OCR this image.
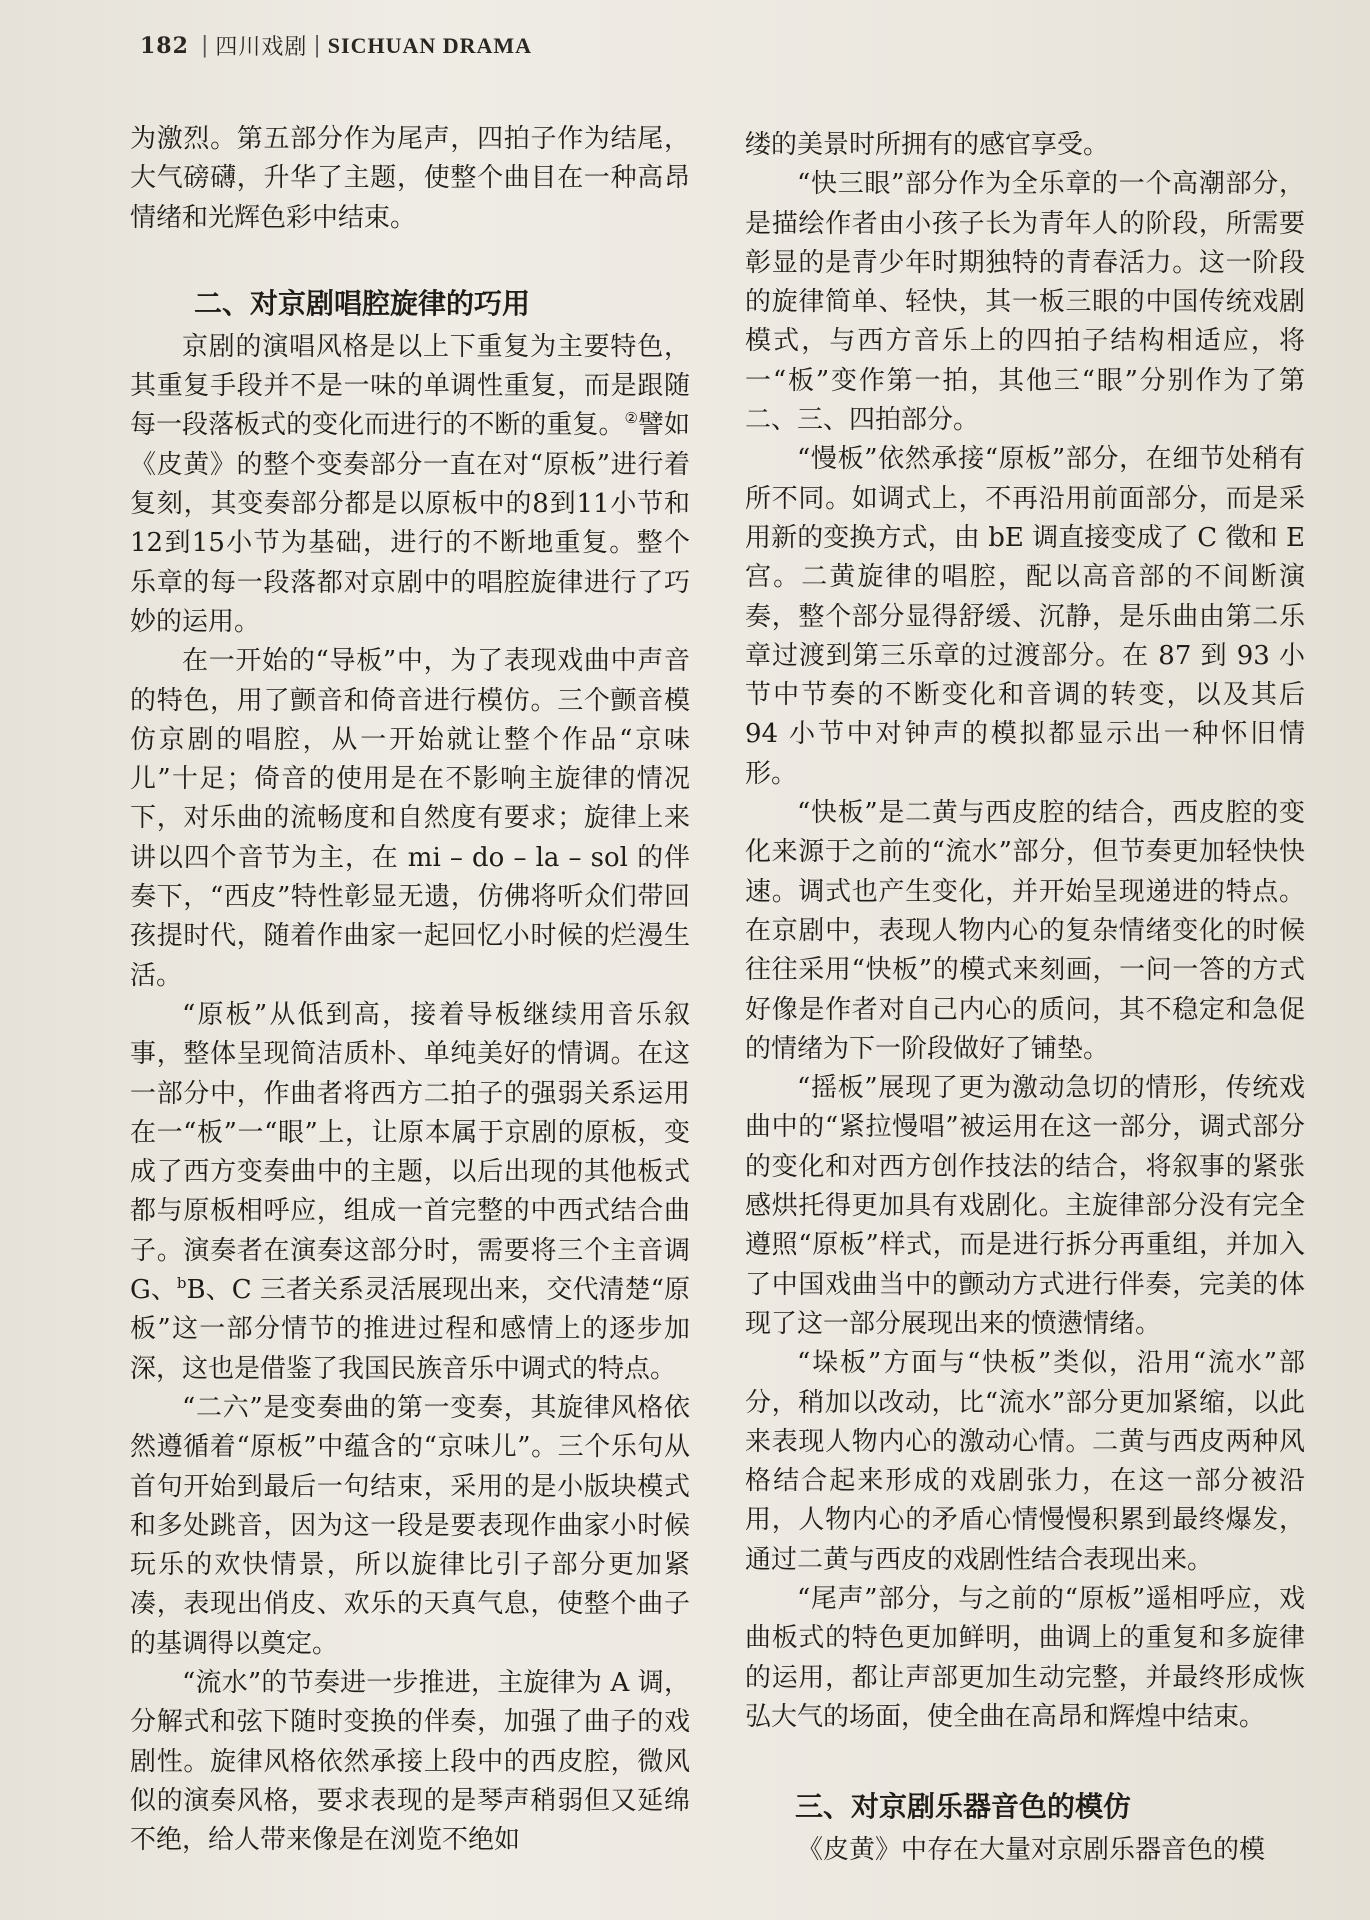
182 | 四川戏剧 | SICHUAN DRAMA

为激烈。第五部分作为尾声，四拍子作为结尾，大气磅礴，升华了主题，使整个曲目在一种高昂情绪和光辉色彩中结束。

二、对京剧唱腔旋律的巧用

京剧的演唱风格是以上下重复为主要特色，其重复手段并不是一味的单调性重复，而是跟随每一段落板式的变化而进行的不断的重复。②譬如《皮黄》的整个变奏部分一直在对“原板”进行着复刻，其变奏部分都是以原板中的8到11小节和12到15小节为基础，进行的不断地重复。整个乐章的每一段落都对京剧中的唱腔旋律进行了巧妙的运用。

在一开始的“导板”中，为了表现戏曲中声音的特色，用了颤音和倚音进行模仿。三个颤音模仿京剧的唱腔，从一开始就让整个作品“京味儿”十足；倚音的使用是在不影响主旋律的情况下，对乐曲的流畅度和自然度有要求；旋律上来讲以四个音节为主，在 mi – do – la – sol 的伴奏下，“西皮”特性彰显无遗，仿佛将听众们带回孩提时代，随着作曲家一起回忆小时候的烂漫生活。

“原板”从低到高，接着导板继续用音乐叙事，整体呈现简洁质朴、单纯美好的情调。在这一部分中，作曲者将西方二拍子的强弱关系运用在一“板”一“眼”上，让原本属于京剧的原板，变成了西方变奏曲中的主题，以后出现的其他板式都与原板相呼应，组成一首完整的中西式结合曲子。演奏者在演奏这部分时，需要将三个主音调 G、$^b$B、C 三者关系灵活展现出来，交代清楚“原板”这一部分情节的推进过程和感情上的逐步加深，这也是借鉴了我国民族音乐中调式的特点。

“二六”是变奏曲的第一变奏，其旋律风格依然遵循着“原板”中蕴含的“京味儿”。三个乐句从首句开始到最后一句结束，采用的是小版块模式和多处跳音，因为这一段是要表现作曲家小时候玩乐的欢快情景，所以旋律比引子部分更加紧凑，表现出俏皮、欢乐的天真气息，使整个曲子的基调得以奠定。

“流水”的节奏进一步推进，主旋律为 A 调，分解式和弦下随时变换的伴奏，加强了曲子的戏剧性。旋律风格依然承接上段中的西皮腔，微风似的演奏风格，要求表现的是琴声稍弱但又延绵不绝，给人带来像是在浏览不绝如

缕的美景时所拥有的感官享受。

“快三眼”部分作为全乐章的一个高潮部分，是描绘作者由小孩子长为青年人的阶段，所需要彰显的是青少年时期独特的青春活力。这一阶段的旋律简单、轻快，其一板三眼的中国传统戏剧模式，与西方音乐上的四拍子结构相适应，将一“板”变作第一拍，其他三“眼”分别作为了第二、三、四拍部分。

“慢板”依然承接“原板”部分，在细节处稍有所不同。如调式上，不再沿用前面部分，而是采用新的变换方式，由 bE 调直接变成了 C 徵和 E 宫。二黄旋律的唱腔，配以高音部的不间断演奏，整个部分显得舒缓、沉静，是乐曲由第二乐章过渡到第三乐章的过渡部分。在 87 到 93 小节中节奏的不断变化和音调的转变，以及其后 94 小节中对钟声的模拟都显示出一种怀旧情形。

“快板”是二黄与西皮腔的结合，西皮腔的变化来源于之前的“流水”部分，但节奏更加轻快快速。调式也产生变化，并开始呈现递进的特点。在京剧中，表现人物内心的复杂情绪变化的时候往往采用“快板”的模式来刻画，一问一答的方式好像是作者对自己内心的质问，其不稳定和急促的情绪为下一阶段做好了铺垫。

“摇板”展现了更为激动急切的情形，传统戏曲中的“紧拉慢唱”被运用在这一部分，调式部分的变化和对西方创作技法的结合，将叙事的紧张感烘托得更加具有戏剧化。主旋律部分没有完全遵照“原板”样式，而是进行拆分再重组，并加入了中国戏曲当中的颤动方式进行伴奏，完美的体现了这一部分展现出来的愤懑情绪。

“垛板”方面与“快板”类似，沿用“流水”部分，稍加以改动，比“流水”部分更加紧缩，以此来表现人物内心的激动心情。二黄与西皮两种风格结合起来形成的戏剧张力，在这一部分被沿用，人物内心的矛盾心情慢慢积累到最终爆发，通过二黄与西皮的戏剧性结合表现出来。

“尾声”部分，与之前的“原板”遥相呼应，戏曲板式的特色更加鲜明，曲调上的重复和多旋律的运用，都让声部更加生动完整，并最终形成恢弘大气的场面，使全曲在高昂和辉煌中结束。

三、对京剧乐器音色的模仿

《皮黄》中存在大量对京剧乐器音色的模
